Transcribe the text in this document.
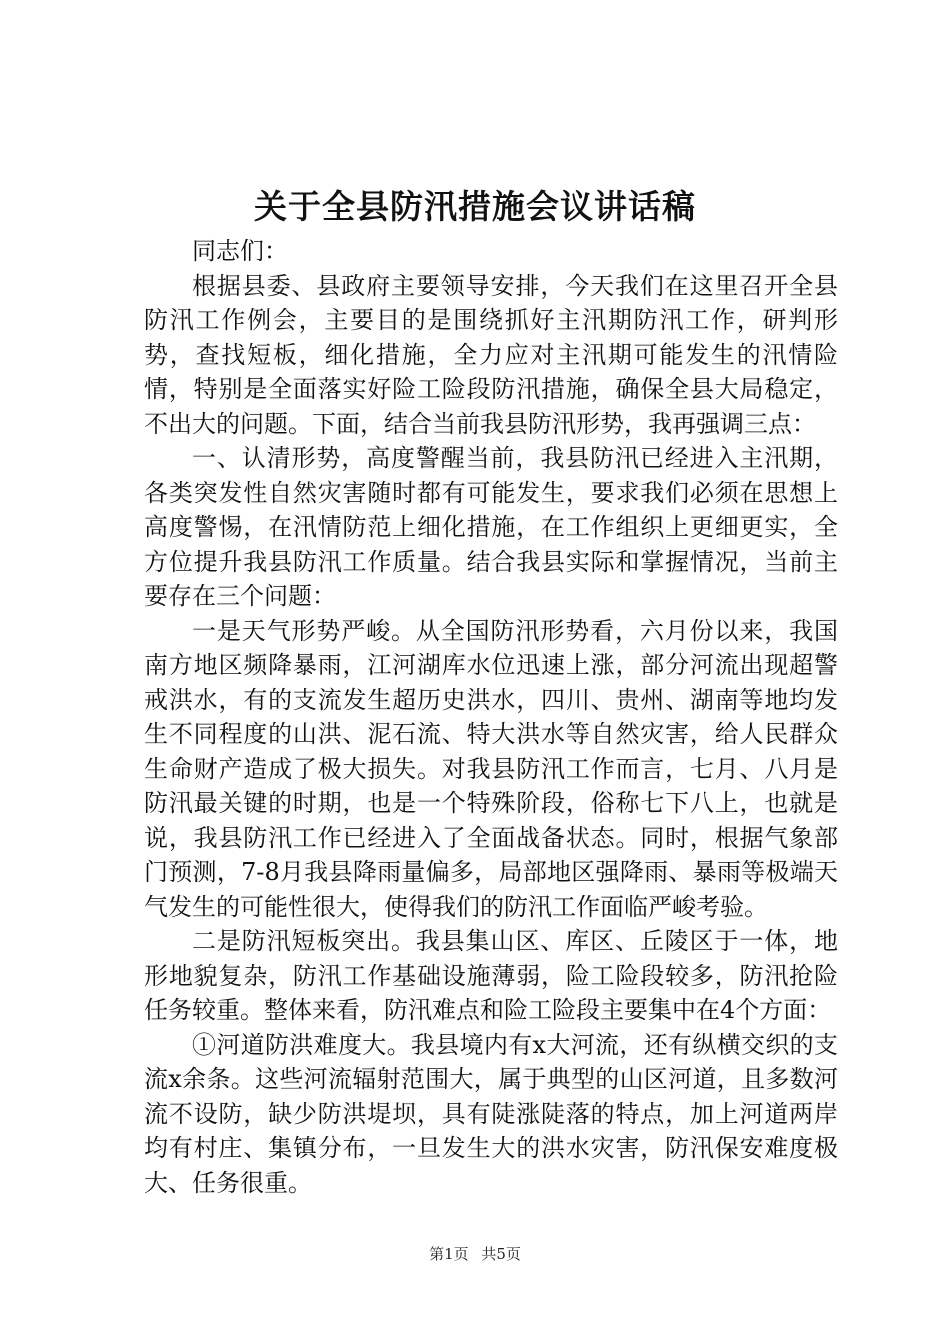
关于全县防汛措施会议讲话稿

同志们：

根据县委、县政府主要领导安排，今天我们在这里召开全县防汛工作例会，主要目的是围绕抓好主汛期防汛工作，研判形势，查找短板，细化措施，全力应对主汛期可能发生的汛情险情，特别是全面落实好险工险段防汛措施，确保全县大局稳定，不出大的问题。下面，结合当前我县防汛形势，我再强调三点：

一、认清形势，高度警醒当前，我县防汛已经进入主汛期，各类突发性自然灾害随时都有可能发生，要求我们必须在思想上高度警惕，在汛情防范上细化措施，在工作组织上更细更实，全方位提升我县防汛工作质量。结合我县实际和掌握情况，当前主要存在三个问题：

一是天气形势严峻。从全国防汛形势看，六月份以来，我国南方地区频降暴雨，江河湖库水位迅速上涨，部分河流出现超警戒洪水，有的支流发生超历史洪水，四川、贵州、湖南等地均发生不同程度的山洪、泥石流、特大洪水等自然灾害，给人民群众生命财产造成了极大损失。对我县防汛工作而言，七月、八月是防汛最关键的时期，也是一个特殊阶段，俗称七下八上，也就是说，我县防汛工作已经进入了全面战备状态。同时，根据气象部门预测，7-8月我县降雨量偏多，局部地区强降雨、暴雨等极端天气发生的可能性很大，使得我们的防汛工作面临严峻考验。

二是防汛短板突出。我县集山区、库区、丘陵区于一体，地形地貌复杂，防汛工作基础设施薄弱，险工险段较多，防汛抢险任务较重。整体来看，防汛难点和险工险段主要集中在4个方面：

①河道防洪难度大。我县境内有x大河流，还有纵横交织的支流x余条。这些河流辐射范围大，属于典型的山区河道，且多数河流不设防，缺少防洪堤坝，具有陡涨陡落的特点，加上河道两岸均有村庄、集镇分布，一旦发生大的洪水灾害，防汛保安难度极大、任务很重。

第1页 共5页
